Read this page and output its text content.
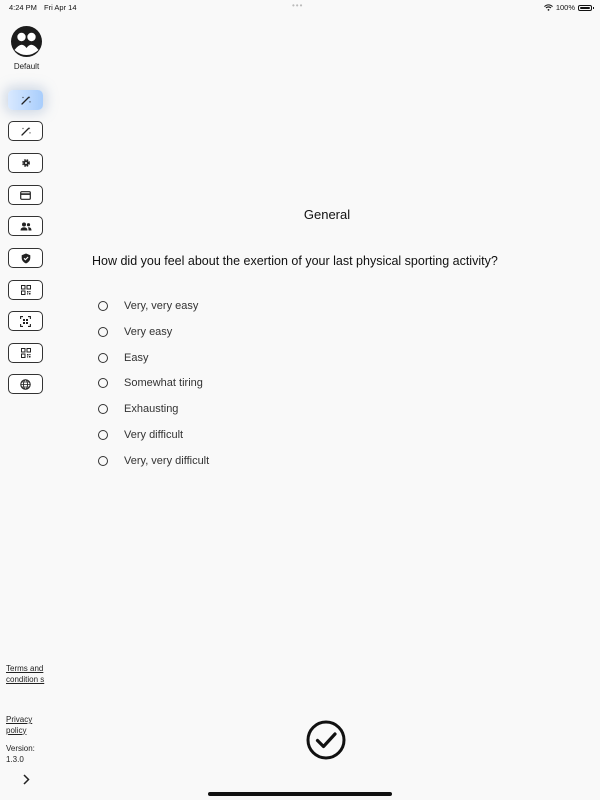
4:24 PM Fri Apr 14	•••	100%
Default
Terms and condition s
Privacy policy
Version:
1.3.0
General
How did you feel about the exertion of your last physical sporting activity?
Very, very easy
Very easy
Easy
Somewhat tiring
Exhausting
Very difficult
Very, very difficult
